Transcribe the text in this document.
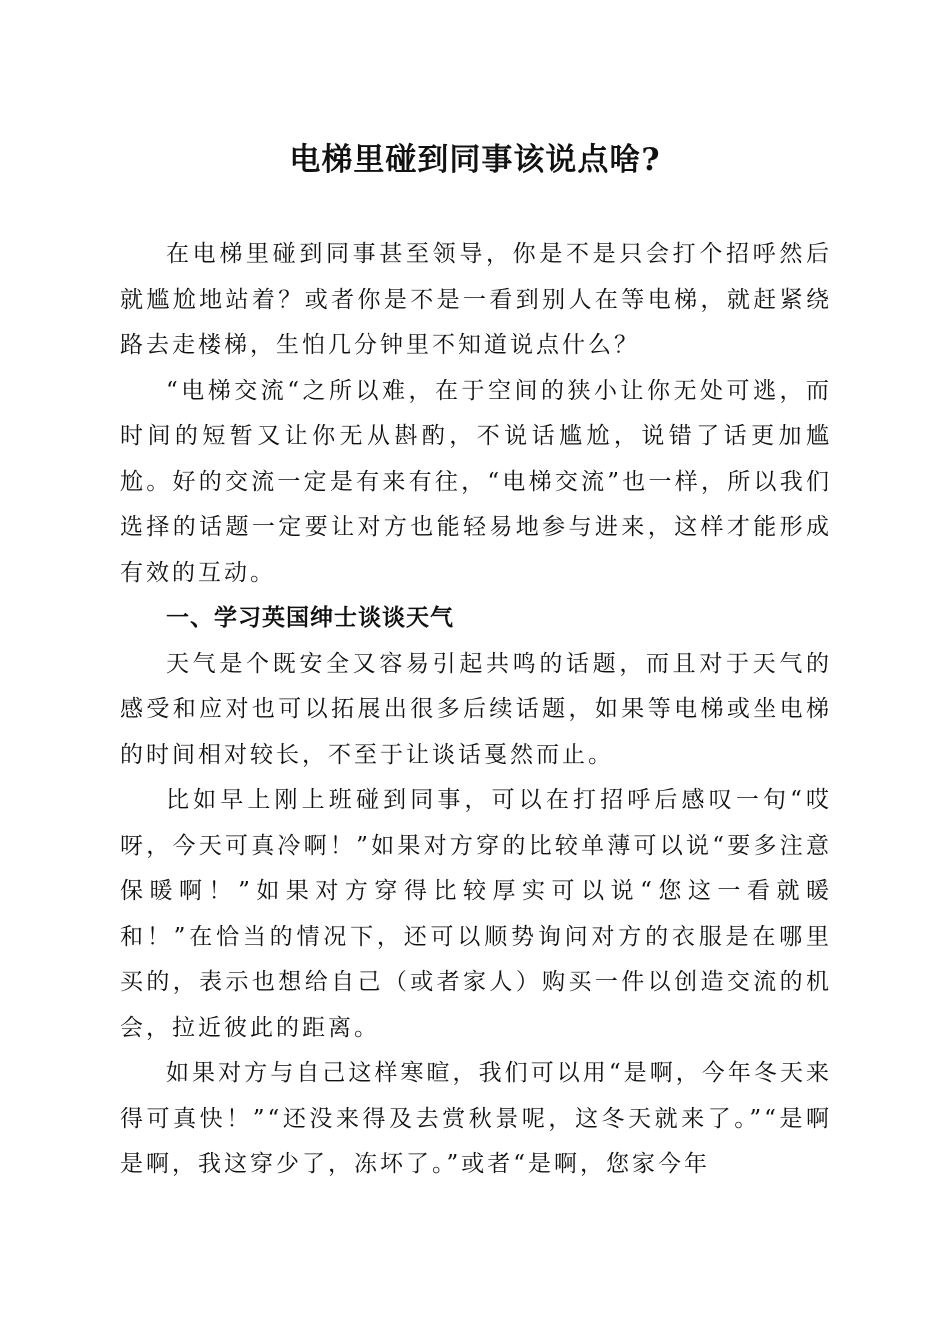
电梯里碰到同事该说点啥?

在电梯里碰到同事甚至领导，你是不是只会打个招呼然后就尴尬地站着？或者你是不是一看到别人在等电梯，就赶紧绕路去走楼梯，生怕几分钟里不知道说点什么？

“电梯交流“之所以难，在于空间的狭小让你无处可逃，而时间的短暂又让你无从斟酌，不说话尴尬，说错了话更加尴尬。好的交流一定是有来有往，“电梯交流”也一样，所以我们选择的话题一定要让对方也能轻易地参与进来，这样才能形成有效的互动。

一、学习英国绅士谈谈天气

天气是个既安全又容易引起共鸣的话题，而且对于天气的感受和应对也可以拓展出很多后续话题，如果等电梯或坐电梯的时间相对较长，不至于让谈话戛然而止。

比如早上刚上班碰到同事，可以在打招呼后感叹一句“哎呀，今天可真冷啊！”如果对方穿的比较单薄可以说“要多注意保暖啊！”如果对方穿得比较厚实可以说“您这一看就暖和！”在恰当的情况下，还可以顺势询问对方的衣服是在哪里买的，表示也想给自己（或者家人）购买一件以创造交流的机会，拉近彼此的距离。

如果对方与自己这样寒暄，我们可以用“是啊，今年冬天来得可真快！”“还没来得及去赏秋景呢，这冬天就来了。”“是啊是啊，我这穿少了，冻坏了。”或者“是啊，您家今年
